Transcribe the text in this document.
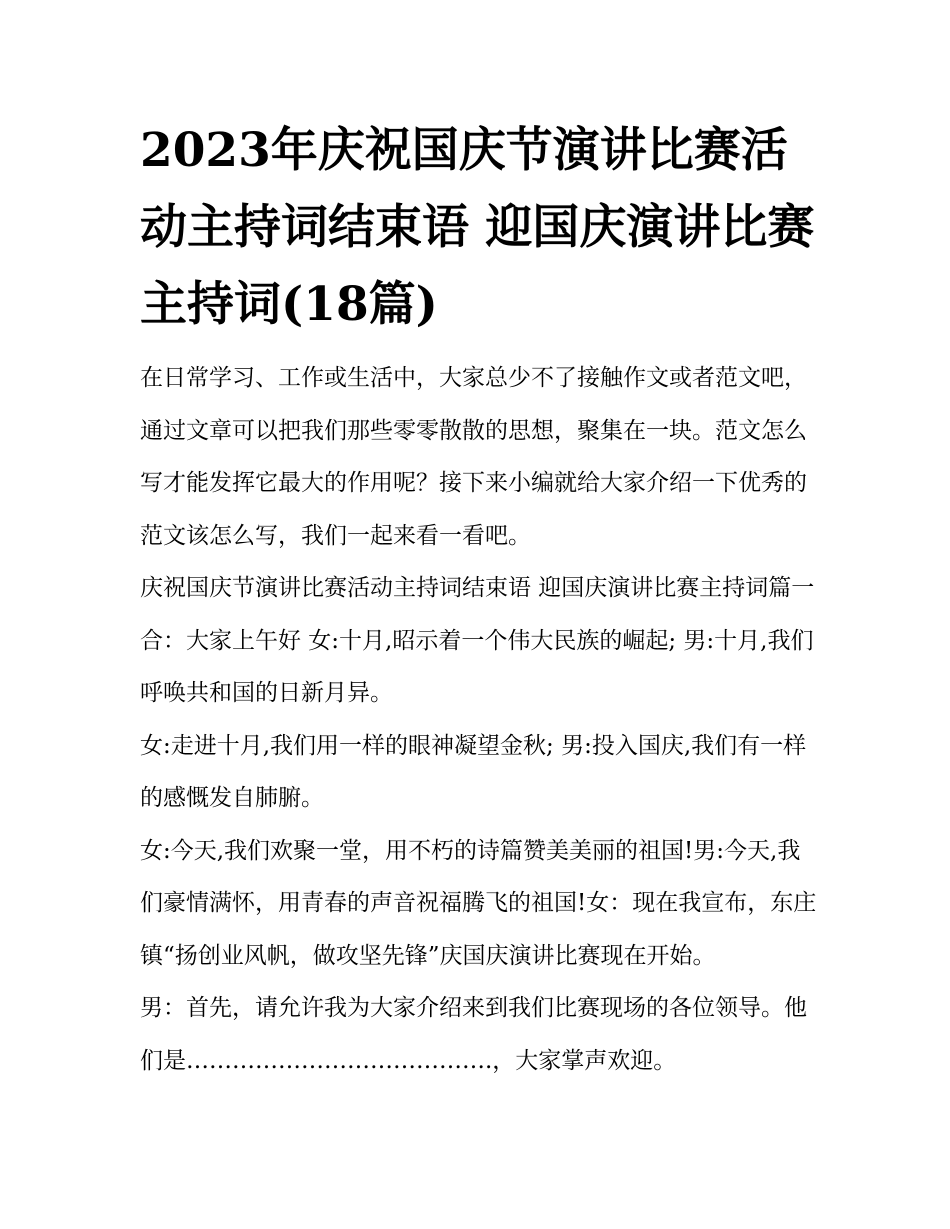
2023年庆祝国庆节演讲比赛活动主持词结束语 迎国庆演讲比赛主持词(18篇)

在日常学习、工作或生活中，大家总少不了接触作文或者范文吧，通过文章可以把我们那些零零散散的思想，聚集在一块。范文怎么写才能发挥它最大的作用呢？接下来小编就给大家介绍一下优秀的范文该怎么写，我们一起来看一看吧。

庆祝国庆节演讲比赛活动主持词结束语 迎国庆演讲比赛主持词篇一 合：大家上午好 女:十月,昭示着一个伟大民族的崛起; 男:十月,我们呼唤共和国的日新月异。

女:走进十月,我们用一样的眼神凝望金秋; 男:投入国庆,我们有一样的感慨发自肺腑。

女:今天,我们欢聚一堂，用不朽的诗篇赞美美丽的祖国!男:今天,我们豪情满怀，用青春的声音祝福腾飞的祖国!女：现在我宣布，东庄镇“扬创业风帆，做攻坚先锋”庆国庆演讲比赛现在开始。

男：首先，请允许我为大家介绍来到我们比赛现场的各位领导。他们是………………………………….，大家掌声欢迎。
